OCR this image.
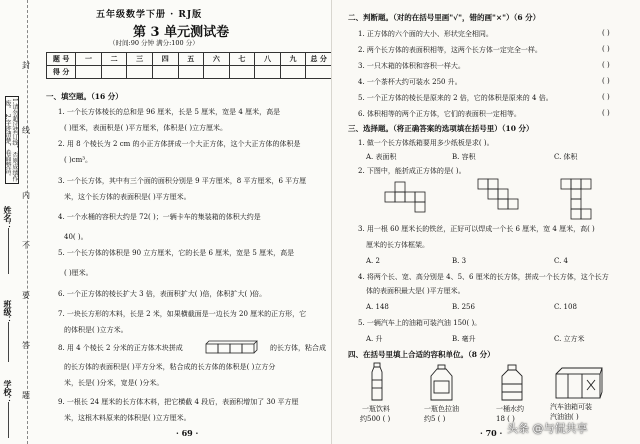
1.请勿超过装订线，否则成绩作废。 2.字迹清楚，卷面整洁。
姓名：
班级：
学校：
封
线
内
不
要
答
题
五年级数学下册 · RJ版
第 3 单元测试卷
（时间:90 分钟 满分:100 分）
题 号	一	二	三	四	五	六	七	八	九	总 分
得 分										
一、填空题。（16 分）
1. 一个长方体棱长的总和是 96 厘米，长是 5 厘米，宽是 4 厘米，高是
( )厘米，表面积是( )平方厘米，体积是( )立方厘米。
2. 用 8 个棱长为 2 cm 的小正方体拼成一个大正方体，这个大正方体的体积是
( )cm³。
3. 一个长方体，其中有三个面的面积分别是 9 平方厘米，8 平方厘米，6 平方厘
米，这个长方体的表面积是( )平方厘米。
4. 一个水桶的容积大约是 72( )；一辆卡车的集装箱的体积大约是
40( )。
5. 一个长方体的体积是 90 立方厘米，它的长是 6 厘米，宽是 5 厘米，高是
( )厘米。
6. 一个正方体的棱长扩大 3 倍，表面积扩大( )倍，体积扩大( )倍。
7. 一块长方形的木料，长是 2 米，如果横截面是一边长为 20 厘米的正方形，它
的体积是( )立方米。
8. 用 4 个棱长 2 分米的正方体木块拼成	的长方体，粘合成
的长方体的表面积是( )平方分米，粘合成的长方体的体积是( )立方分
米，长是( )分米，宽是( )分米。
9. 一根长 24 厘米的长方体木料，把它横截 4 段后，表面积增加了 30 平方厘
米，这根木料原来的体积是( )立方厘米。
· 69 ·
二、判断题。（对的在括号里画"√"，错的画"×"）（6 分）
1. 正方体的六个面的大小、形状完全相同。	( )
2. 两个长方体的表面积相等，这两个长方体一定完全一样。	( )
3. 一只木箱的体积和容积一样大。	( )
4. 一个茶杯大约可装水 250 升。	( )
5. 一个正方体的棱长是原来的 2 倍，它的体积是原来的 4 倍。	( )
6. 体积相等的两个正方体，它们的表面积一定相等。	( )
三、选择题。（将正确答案的选项填在括号里）（10 分）
1. 做一个长方体纸箱要用多少纸板是求( )。
A. 表面积	B. 容积	C. 体积
2. 下图中，能折成正方体的是( )。
3. 用一根 60 厘米长的铁丝，正好可以焊成一个长 6 厘米，宽 4 厘米，高( )
厘米的长方体框架。
A. 2	B. 3	C. 4
4. 将两个长、宽、高分别是 4、5、6 厘米的长方体，拼成一个长方体，这个长方
体的表面积最大是( )平方厘米。
A. 148	B. 256	C. 108
5. 一辆汽车上的油箱可装汽油 150( )。
A. 升	B. 毫升	C. 立方米
四、在括号里填上合适的容积单位。（8 分）
一瓶饮料
约500 ( )
一瓶色拉油
约5 ( )
一桶水约
18 ( )
汽车油箱可装
汽油油( )
· 70 · 头条 @与侃共享
